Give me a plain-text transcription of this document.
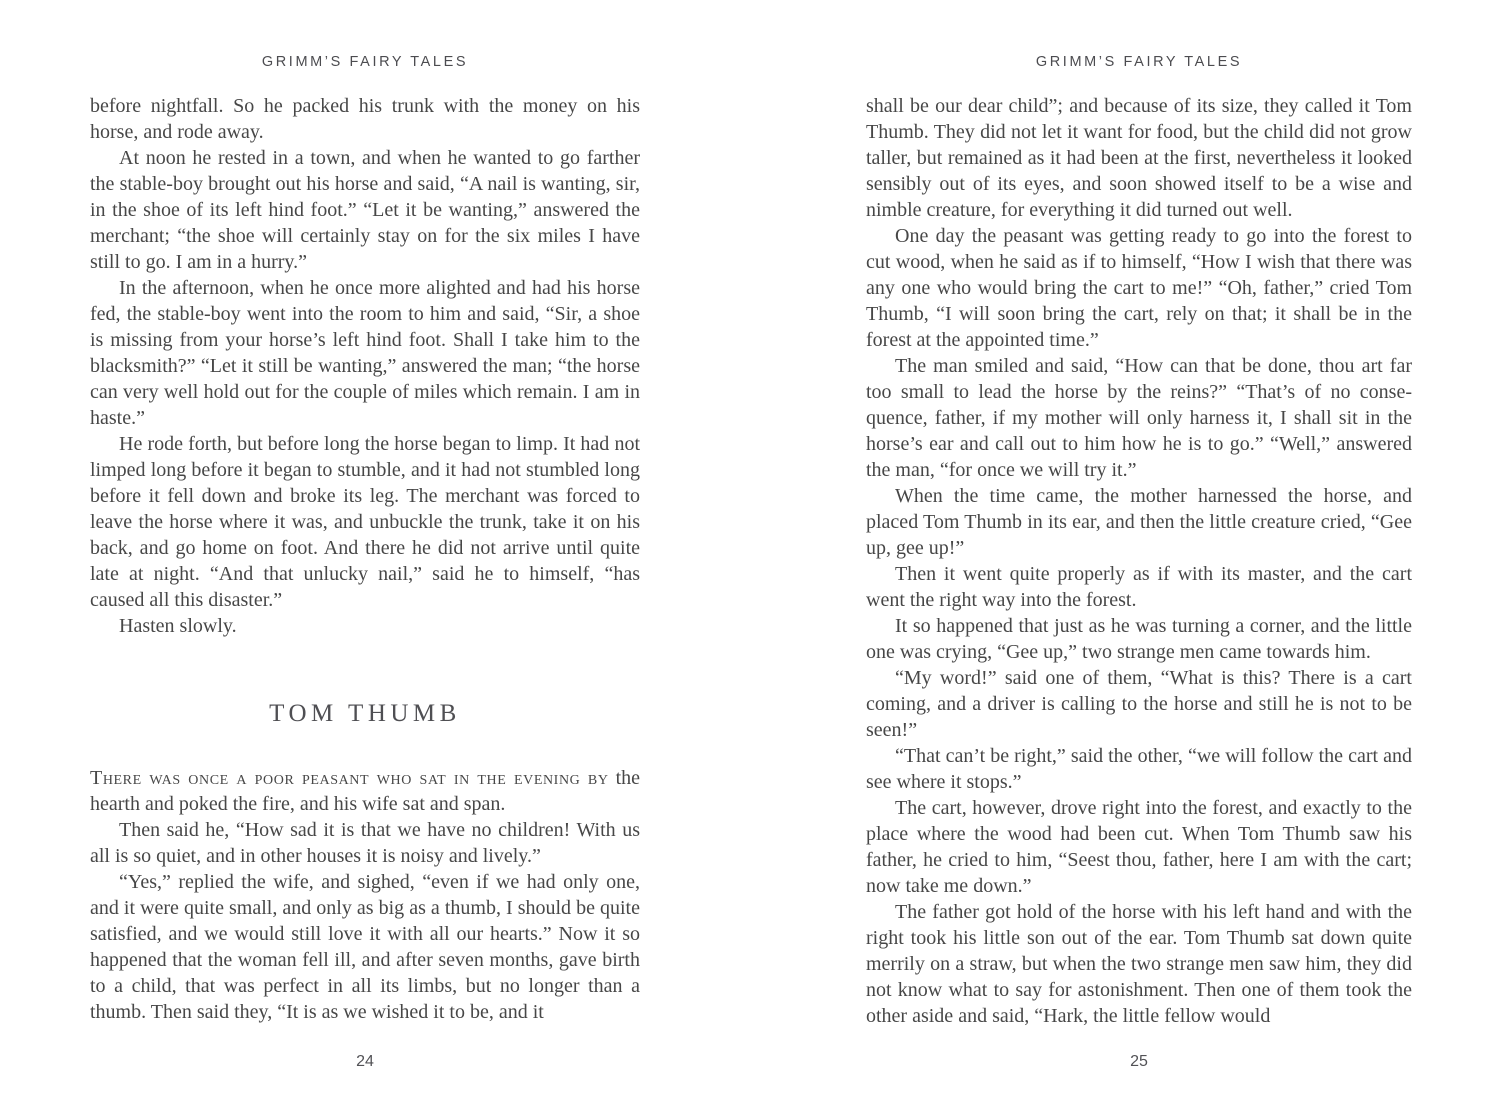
GRIMM’S FAIRY TALES

before nightfall. So he packed his trunk with the money on his horse, and rode away.

At noon he rested in a town, and when he wanted to go farther the stable-boy brought out his horse and said, “A nail is wanting, sir, in the shoe of its left hind foot.” “Let it be wanting,” answered the merchant; “the shoe will certainly stay on for the six miles I have still to go. I am in a hurry.”

In the afternoon, when he once more alighted and had his horse fed, the stable-boy went into the room to him and said, “Sir, a shoe is missing from your horse’s left hind foot. Shall I take him to the blacksmith?” “Let it still be wanting,” answered the man; “the horse can very well hold out for the couple of miles which remain. I am in haste.”

He rode forth, but before long the horse began to limp. It had not limped long before it began to stumble, and it had not stumbled long before it fell down and broke its leg. The merchant was forced to leave the horse where it was, and unbuckle the trunk, take it on his back, and go home on foot. And there he did not arrive until quite late at night. “And that unlucky nail,” said he to himself, “has caused all this disaster.”

Hasten slowly.

TOM THUMB

There was once a poor peasant who sat in the evening by the hearth and poked the fire, and his wife sat and span.

Then said he, “How sad it is that we have no children! With us all is so quiet, and in other houses it is noisy and lively.”

“Yes,” replied the wife, and sighed, “even if we had only one, and it were quite small, and only as big as a thumb, I should be quite satisfied, and we would still love it with all our hearts.” Now it so happened that the woman fell ill, and after seven months, gave birth to a child, that was perfect in all its limbs, but no longer than a thumb. Then said they, “It is as we wished it to be, and it

24
GRIMM’S FAIRY TALES

shall be our dear child”; and because of its size, they called it Tom Thumb. They did not let it want for food, but the child did not grow taller, but remained as it had been at the first, nevertheless it looked sensibly out of its eyes, and soon showed itself to be a wise and nimble creature, for everything it did turned out well.

One day the peasant was getting ready to go into the forest to cut wood, when he said as if to himself, “How I wish that there was any one who would bring the cart to me!” “Oh, father,” cried Tom Thumb, “I will soon bring the cart, rely on that; it shall be in the forest at the appointed time.”

The man smiled and said, “How can that be done, thou art far too small to lead the horse by the reins?” “That’s of no consequence, father, if my mother will only harness it, I shall sit in the horse’s ear and call out to him how he is to go.” “Well,” answered the man, “for once we will try it.”

When the time came, the mother harnessed the horse, and placed Tom Thumb in its ear, and then the little creature cried, “Gee up, gee up!”

Then it went quite properly as if with its master, and the cart went the right way into the forest.

It so happened that just as he was turning a corner, and the little one was crying, “Gee up,” two strange men came towards him.

“My word!” said one of them, “What is this? There is a cart coming, and a driver is calling to the horse and still he is not to be seen!”

“That can’t be right,” said the other, “we will follow the cart and see where it stops.”

The cart, however, drove right into the forest, and exactly to the place where the wood had been cut. When Tom Thumb saw his father, he cried to him, “Seest thou, father, here I am with the cart; now take me down.”

The father got hold of the horse with his left hand and with the right took his little son out of the ear. Tom Thumb sat down quite merrily on a straw, but when the two strange men saw him, they did not know what to say for astonishment. Then one of them took the other aside and said, “Hark, the little fellow would

25
